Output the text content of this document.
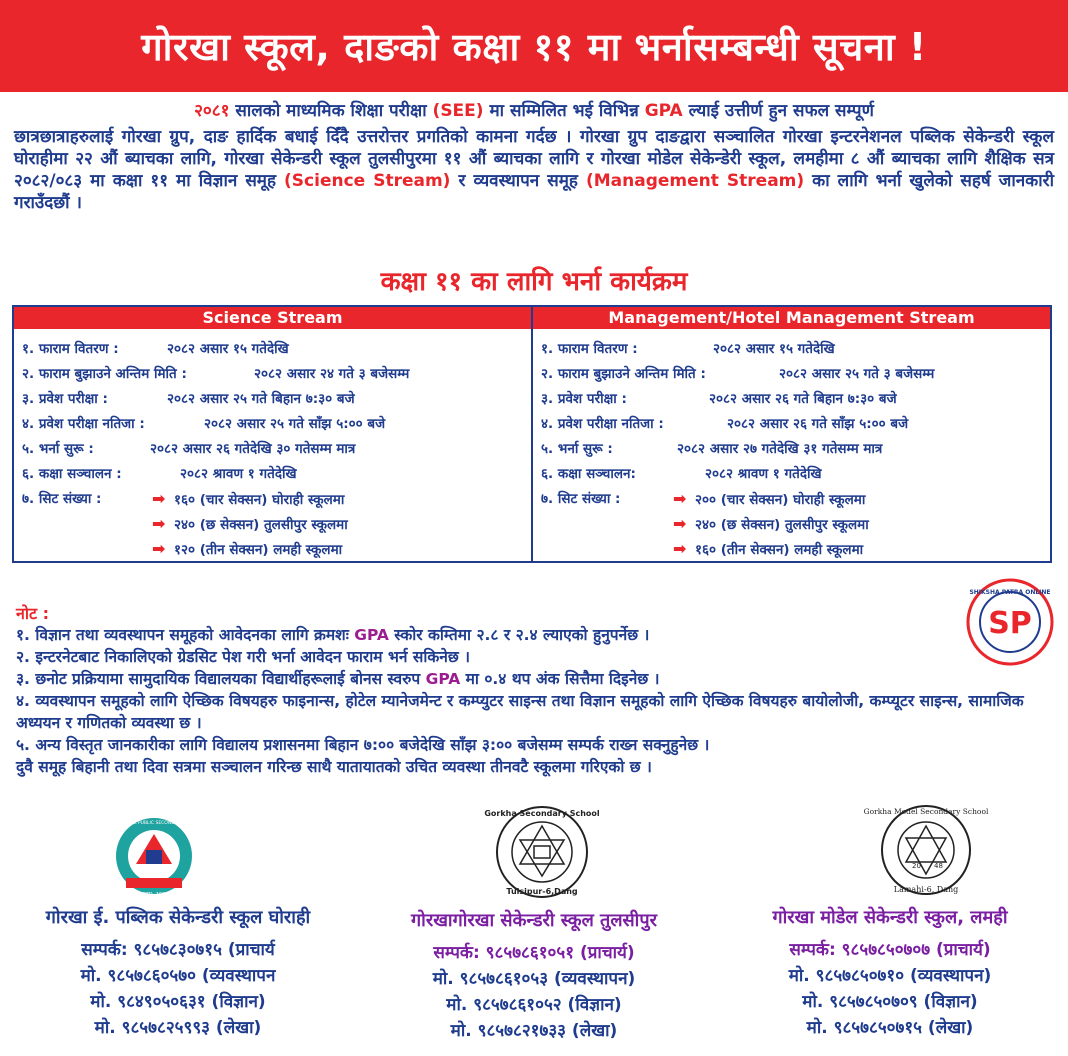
गोरखा स्कूल, दाङको कक्षा ११ मा भर्नासम्बन्धी सूचना !
२०८१ सालको माध्यमिक शिक्षा परीक्षा (SEE) मा सम्मिलित भई विभिन्न GPA ल्याई उत्तीर्ण हुन सफल सम्पूर्ण
छात्रछात्राहरुलाई गोरखा ग्रुप, दाङ हार्दिक बधाई दिँदै उत्तरोत्तर प्रगतिको कामना गर्दछ । गोरखा ग्रुप दाङद्वारा सञ्चालित गोरखा इन्टरनेशनल पब्लिक सेकेन्डरी स्कूल घोराहीमा २२ औं ब्याचका लागि, गोरखा सेकेन्डरी स्कूल तुलसीपुरमा ११ औं ब्याचका लागि र गोरखा मोडेल सेकेन्डेरी स्कूल, लमहीमा ८ औं ब्याचका लागि शैक्षिक सत्र २०८२/०८३ मा कक्षा ११ मा विज्ञान समूह (Science Stream) र व्यवस्थापन समूह (Management Stream) का लागि भर्ना खुलेको सहर्ष जानकारी गराउँदछौं ।
कक्षा ११ का लागि भर्ना कार्यक्रम
Science Stream
१. फाराम वितरण :	२०८२ असार १५ गतेदेखि
२. फाराम बुझाउने अन्तिम मिति :	२०८२ असार २४ गते ३ बजेसम्म
३. प्रवेश परीक्षा :	२०८२ असार २५ गते बिहान ७:३० बजे
४. प्रवेश परीक्षा नतिजा :	२०८२ असार २५ गते साँझ ५:०० बजे
५. भर्ना सुरू :	२०८२ असार २६ गतेदेखि ३० गतेसम्म मात्र
६. कक्षा सञ्चालन :	२०८२ श्रावण १ गतेदेखि
७. सिट संख्या :	➡ १६० (चार सेक्सन) घोराही स्कूलमा
➡ २४० (छ सेक्सन) तुलसीपुर स्कूलमा
➡ १२० (तीन सेक्सन) लमही स्कूलमा
Management/Hotel Management Stream
१. फाराम वितरण :	२०८२ असार १५ गतेदेखि
२. फाराम बुझाउने अन्तिम मिति :	२०८२ असार २५ गते ३ बजेसम्म
३. प्रवेश परीक्षा :	२०८२ असार २६ गते बिहान ७:३० बजे
४. प्रवेश परीक्षा नतिजा :	२०८२ असार २६ गते साँझ ५:०० बजे
५. भर्ना सुरू :	२०८२ असार २७ गतेदेखि ३१ गतेसम्म मात्र
६. कक्षा सञ्चालन:	२०८२ श्रावण १ गतेदेखि
७. सिट संख्या :	➡ २०० (चार सेक्सन) घोराही स्कूलमा
➡ २४० (छ सेक्सन) तुलसीपुर स्कूलमा
➡ १६० (तीन सेक्सन) लमही स्कूलमा
SHIKSHA PATRA ONLINE
SP
नोट :
१. विज्ञान तथा व्यवस्थापन समूहको आवेदनका लागि क्रमशः GPA स्कोर कम्तिमा २.८ र २.४ ल्याएको हुनुपर्नेछ ।
२. इन्टरनेटबाट निकालिएको ग्रेडसिट पेश गरी भर्ना आवेदन फाराम भर्न सकिनेछ ।
३. छनोट प्रक्रियामा सामुदायिक विद्यालयका विद्यार्थीहरूलाई बोनस स्वरुप GPA मा ०.४ थप अंक सित्तैमा दिइनेछ ।
४. व्यवस्थापन समूहको लागि ऐच्छिक विषयहरु फाइनान्स, होटेल म्यानेजमेन्ट र कम्प्युटर साइन्स तथा विज्ञान समूहको लागि ऐच्छिक विषयहरु बायोलोजी, कम्प्यूटर साइन्स, सामाजिक अध्ययन र गणितको व्यवस्था छ ।
५. अन्य विस्तृत जानकारीका लागि विद्यालय प्रशासनमा बिहान ७:०० बजेदेखि साँझ ३:०० बजेसम्म सम्पर्क राख्न सक्नुहुनेछ ।
दुवै समूह बिहानी तथा दिवा सत्रमा सञ्चालन गरिन्छ साथै यातायातको उचित व्यवस्था तीनवटै स्कूलमा गरिएको छ ।
GORKHA INT'L PUBLIC SECONDARY SCHOOL
ESTD. 1998
Gorkha Secondary School
Tulsipur-6,Dang
20 48
Gorkha Model Secondary School
Lamahi-6, Dang
गोरखा ई. पब्लिक सेकेन्डरी स्कूल घोराही
सम्पर्क: ९८५७८३०७१५ (प्राचार्य
मो. ९८५७८६०५७० (व्यवस्थापन
मो. ९८४९०५०६३१ (विज्ञान)
मो. ९८५७८२५९९३ (लेखा)
गोरखागोरखा सेकेन्डरी स्कूल तुलसीपुर
सम्पर्क: ९८५७८६१०५१ (प्राचार्य)
मो. ९८५७८६१०५३ (व्यवस्थापन)
मो. ९८५७८६१०५२ (विज्ञान)
मो. ९८५७८२१७३३ (लेखा)
गोरखा मोडेल सेकेन्डरी स्कुल, लमही
सम्पर्क: ९८५७८५०७०७ (प्राचार्य)
मो. ९८५७८५०७१० (व्यवस्थापन)
मो. ९८५७८५०७०९ (विज्ञान)
मो. ९८५७८५०७१५ (लेखा)
